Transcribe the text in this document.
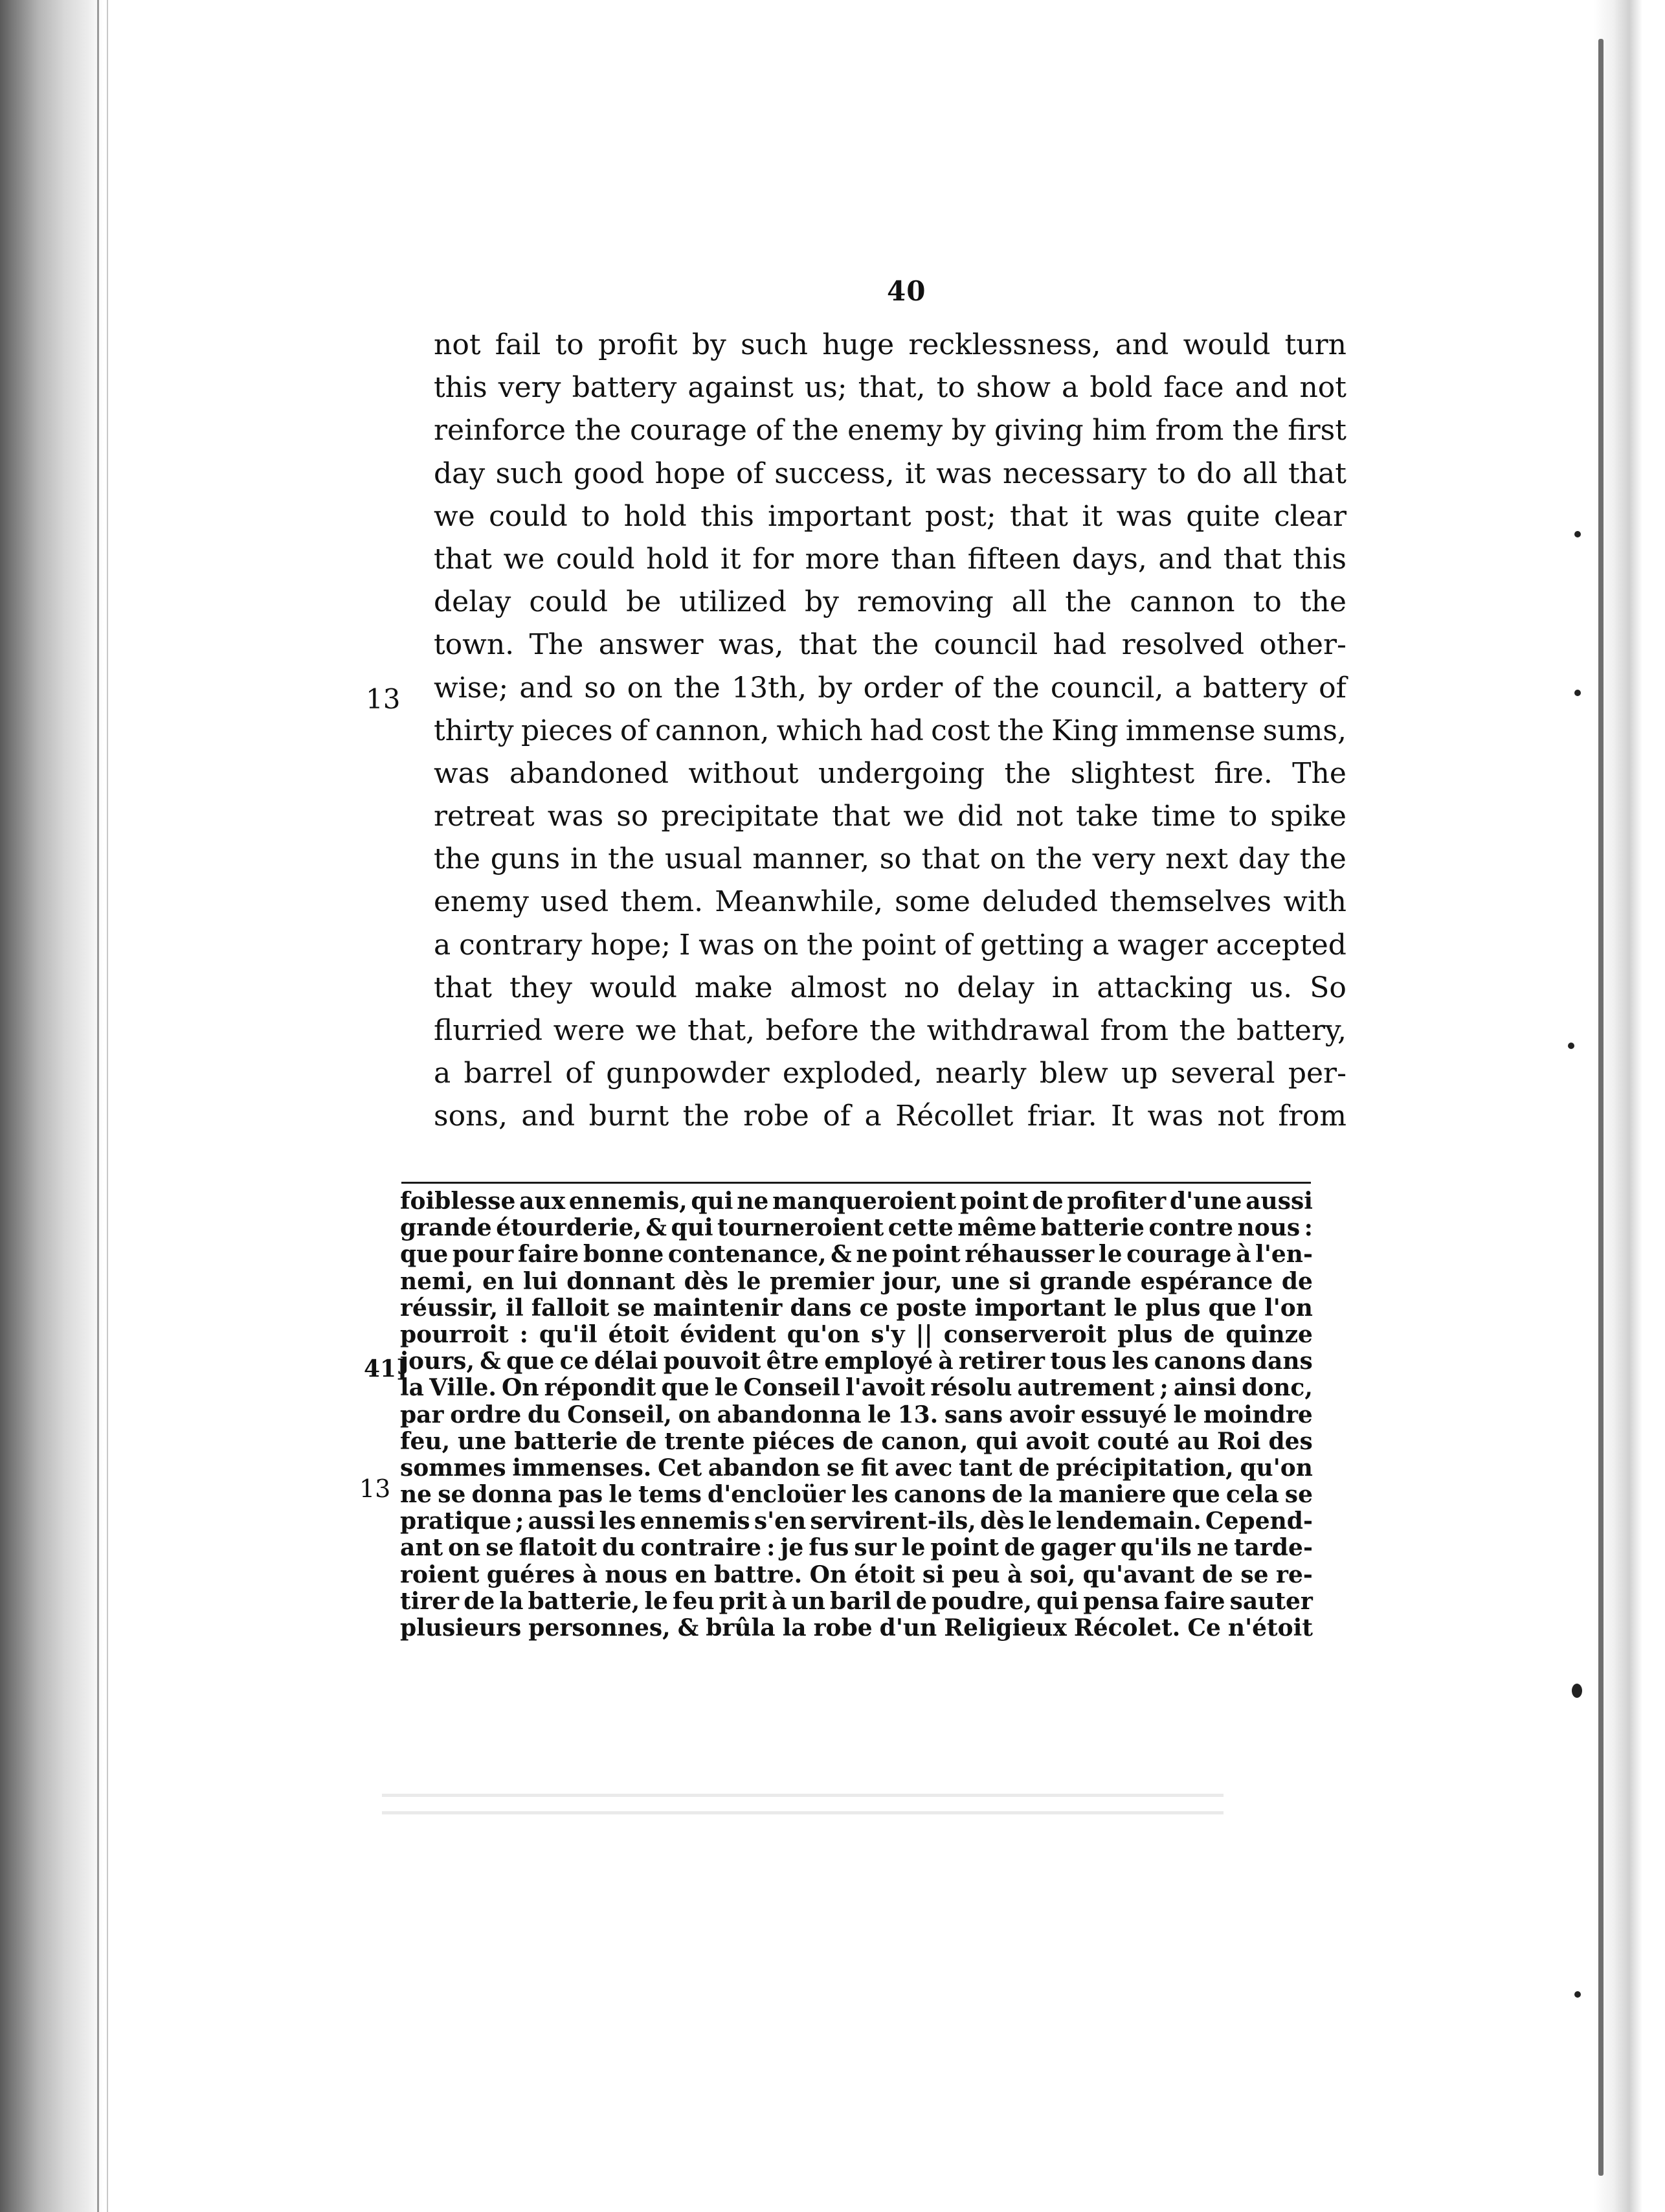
40
13
not fail to profit by such huge recklessness, and would turn
this very battery against us; that, to show a bold face and not
reinforce the courage of the enemy by giving him from the first
day such good hope of success, it was necessary to do all that
we could to hold this important post; that it was quite clear
that we could hold it for more than fifteen days, and that this
delay could be utilized by removing all the cannon to the
town. The answer was, that the council had resolved other-
wise; and so on the 13th, by order of the council, a battery of
thirty pieces of cannon, which had cost the King immense sums,
was abandoned without undergoing the slightest fire. The
retreat was so precipitate that we did not take time to spike
the guns in the usual manner, so that on the very next day the
enemy used them. Meanwhile, some deluded themselves with
a contrary hope; I was on the point of getting a wager accepted
that they would make almost no delay in attacking us. So
flurried were we that, before the withdrawal from the battery,
a barrel of gunpowder exploded, nearly blew up several per-
sons, and burnt the robe of a Récollet friar. It was not from
41]
13
foiblesse aux ennemis, qui ne manqueroient point de profiter d'une aussi
grande étourderie, & qui tourneroient cette même batterie contre nous :
que pour faire bonne contenance, & ne point réhausser le courage à l'en-
nemi, en lui donnant dès le premier jour, une si grande espérance de
réussir, il falloit se maintenir dans ce poste important le plus que l'on
pourroit : qu'il étoit évident qu'on s'y || conserveroit plus de quinze
jours, & que ce délai pouvoit être employé à retirer tous les canons dans
la Ville. On répondit que le Conseil l'avoit résolu autrement ; ainsi donc,
par ordre du Conseil, on abandonna le 13. sans avoir essuyé le moindre
feu, une batterie de trente piéces de canon, qui avoit couté au Roi des
sommes immenses. Cet abandon se fit avec tant de précipitation, qu'on
ne se donna pas le tems d'encloüer les canons de la maniere que cela se
pratique ; aussi les ennemis s'en servirent-ils, dès le lendemain. Cepend-
ant on se flatoit du contraire : je fus sur le point de gager qu'ils ne tarde-
roient guéres à nous en battre. On étoit si peu à soi, qu'avant de se re-
tirer de la batterie, le feu prit à un baril de poudre, qui pensa faire sauter
plusieurs personnes, & brûla la robe d'un Religieux Récolet. Ce n'étoit
